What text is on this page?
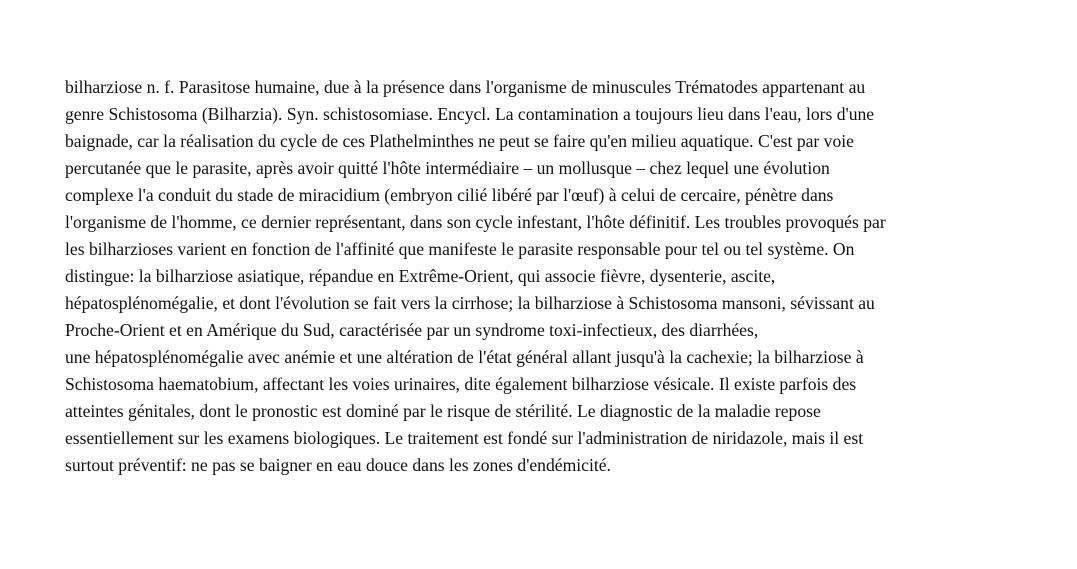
bilharziose n. f. Parasitose humaine, due à la présence dans l'organisme de minuscules Trématodes appartenant au
genre Schistosoma (Bilharzia). Syn. schistosomiase. Encycl. La contamination a toujours lieu dans l'eau, lors d'une
baignade, car la réalisation du cycle de ces Plathelminthes ne peut se faire qu'en milieu aquatique. C'est par voie
percutanée que le parasite, après avoir quitté l'hôte intermédiaire – un mollusque – chez lequel une évolution
complexe l'a conduit du stade de miracidium (embryon cilié libéré par l'œuf) à celui de cercaire, pénètre dans
l'organisme de l'homme, ce dernier représentant, dans son cycle infestant, l'hôte définitif. Les troubles provoqués par
les bilharzioses varient en fonction de l'affinité que manifeste le parasite responsable pour tel ou tel système. On
distingue: la bilharziose asiatique, répandue en Extrême-Orient, qui associe fièvre, dysenterie, ascite,
hépatosplénomégalie, et dont l'évolution se fait vers la cirrhose; la bilharziose à Schistosoma mansoni, sévissant au
Proche-Orient et en Amérique du Sud, caractérisée par un syndrome toxi-infectieux, des diarrhées,
une hépatosplénomégalie avec anémie et une altération de l'état général allant jusqu'à la cachexie; la bilharziose à
Schistosoma haematobium, affectant les voies urinaires, dite également bilharziose vésicale. Il existe parfois des
atteintes génitales, dont le pronostic est dominé par le risque de stérilité. Le diagnostic de la maladie repose
essentiellement sur les examens biologiques. Le traitement est fondé sur l'administration de niridazole, mais il est
surtout préventif: ne pas se baigner en eau douce dans les zones d'endémicité.
